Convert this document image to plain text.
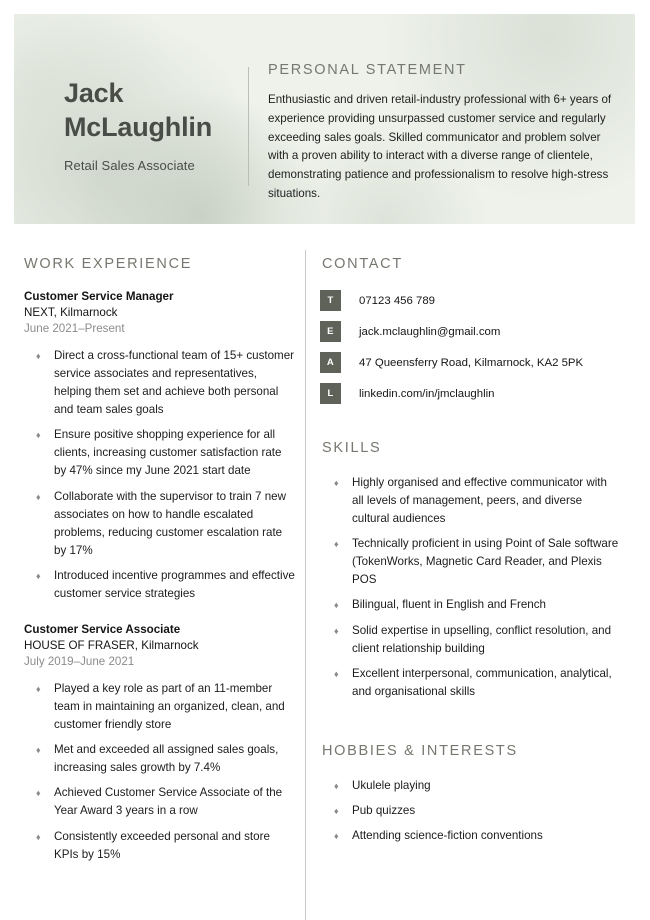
Jack
McLaughlin
Retail Sales Associate
PERSONAL STATEMENT
Enthusiastic and driven retail-industry professional with 6+ years of experience providing unsurpassed customer service and regularly exceeding sales goals. Skilled communicator and problem solver with a proven ability to interact with a diverse range of clientele, demonstrating patience and professionalism to resolve high-stress situations.
WORK EXPERIENCE
Customer Service Manager
NEXT, Kilmarnock
June 2021–Present
♦ Direct a cross-functional team of 15+ customer service associates and representatives, helping them set and achieve both personal and team sales goals
♦ Ensure positive shopping experience for all clients, increasing customer satisfaction rate by 47% since my June 2021 start date
♦ Collaborate with the supervisor to train 7 new associates on how to handle escalated problems, reducing customer escalation rate by 17%
♦ Introduced incentive programmes and effective customer service strategies
Customer Service Associate
HOUSE OF FRASER, Kilmarnock
July 2019–June 2021
♦ Played a key role as part of an 11-member team in maintaining an organized, clean, and customer friendly store
♦ Met and exceeded all assigned sales goals, increasing sales growth by 7.4%
♦ Achieved Customer Service Associate of the Year Award 3 years in a row
♦ Consistently exceeded personal and store KPIs by 15%
CONTACT
T	07123 456 789
E	jack.mclaughlin@gmail.com
A	47 Queensferry Road, Kilmarnock, KA2 5PK
L	linkedin.com/in/jmclaughlin
SKILLS
♦ Highly organised and effective communicator with all levels of management, peers, and diverse cultural audiences
♦ Technically proficient in using Point of Sale software (TokenWorks, Magnetic Card Reader, and Plexis POS
♦ Bilingual, fluent in English and French
♦ Solid expertise in upselling, conflict resolution, and client relationship building
♦ Excellent interpersonal, communication, analytical, and organisational skills
HOBBIES & INTERESTS
♦ Ukulele playing
♦ Pub quizzes
♦ Attending science-fiction conventions
